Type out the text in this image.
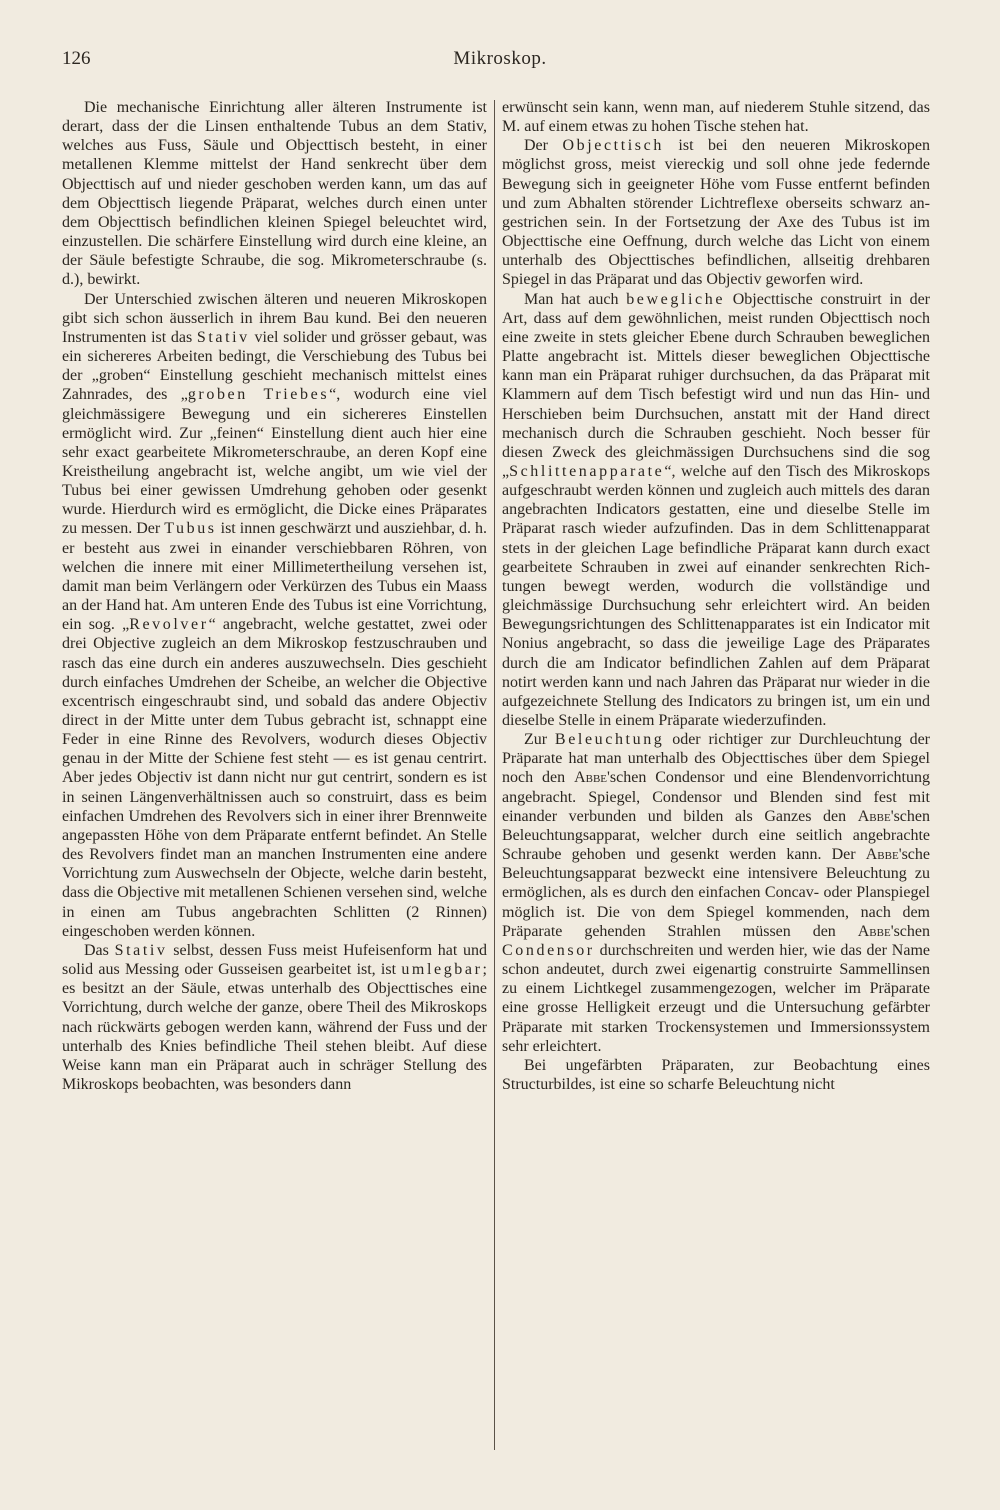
126	Mikroskop.

Die mechanische Einrichtung aller älteren Instrumente ist derart, dass der die Linsen enthaltende Tubus an dem Stativ, welches aus Fuss, Säule und Objecttisch besteht, in einer metallenen Klemme mittelst der Hand senkrecht über dem Objecttisch auf und nieder geschoben werden kann, um das auf dem Objecttisch liegende Präparat, welches durch einen unter dem Objecttisch befindlichen kleinen Spiegel beleuchtet wird, einzustellen. Die schärfere Einstellung wird durch eine kleine, an der Säule befestigte Schraube, die sog. Mikrometerschraube (s. d.), bewirkt.

Der Unterschied zwischen älteren und neueren Mikroskopen gibt sich schon äusserlich in ihrem Bau kund. Bei den neueren Instrumenten ist das Stativ viel solider und grösser gebaut, was ein sichereres Arbeiten bedingt, die Verschiebung des Tubus bei der „groben“ Einstellung geschieht mechanisch mittelst eines Zahnrades, des „groben Triebes“, wodurch eine viel gleichmässigere Bewegung und ein sichereres Einstellen ermöglicht wird. Zur „feinen“ Einstellung dient auch hier eine sehr exact gearbeitete Mikrometerschraube, an deren Kopf eine Kreistheilung angebracht ist, welche angibt, um wie viel der Tubus bei einer gewissen Umdrehung gehoben oder gesenkt wurde. Hierdurch wird es ermöglicht, die Dicke eines Präparates zu messen. Der Tubus ist innen geschwärzt und ausziehbar, d. h. er besteht aus zwei in einander verschiebbaren Röhren, von welchen die innere mit einer Millimetertheilung versehen ist, damit man beim Verlängern oder Verkürzen des Tubus ein Maass an der Hand hat. Am unteren Ende des Tubus ist eine Vorrichtung, ein sog. „Revolver“ angebracht, welche gestattet, zwei oder drei Objective zugleich an dem Mikroskop festzuschrauben und rasch das eine durch ein anderes auszuwechseln. Dies geschieht durch einfaches Umdrehen der Scheibe, an welcher die Objective excentrisch eingeschraubt sind, und sobald das andere Objectiv direct in der Mitte unter dem Tubus gebracht ist, schnappt eine Feder in eine Rinne des Revolvers, wodurch dieses Objectiv genau in der Mitte der Schiene fest steht — es ist genau centrirt. Aber jedes Objectiv ist dann nicht nur gut centrirt, sondern es ist in seinen Längenverhältnissen auch so construirt, dass es beim einfachen Umdrehen des Revolvers sich in einer ihrer Brennweite angepassten Höhe von dem Präparate entfernt befindet. An Stelle des Revolvers findet man an manchen Instrumenten eine andere Vorrichtung zum Auswechseln der Objecte, welche darin besteht, dass die Objective mit metallenen Schienen versehen sind, welche in einen am Tubus angebrachten Schlitten (2 Rinnen) eingeschoben werden können.

Das Stativ selbst, dessen Fuss meist Hufeisenform hat und solid aus Messing oder Gusseisen gearbeitet ist, ist umlegbar; es besitzt an der Säule, etwas unterhalb des Objecttisches eine Vorrichtung, durch welche der ganze, obere Theil des Mikroskops nach rückwärts gebogen werden kann, während der Fuss und der unterhalb des Knies befindliche Theil stehen bleibt. Auf diese Weise kann man ein Präparat auch in schräger Stellung des Mikroskops beobachten, was besonders dann

erwünscht sein kann, wenn man, auf niederem Stuhle sitzend, das M. auf einem etwas zu hohen Tische stehen hat.

Der Objecttisch ist bei den neueren Mikroskopen möglichst gross, meist viereckig und soll ohne jede federnde Bewegung sich in geeigneter Höhe vom Fusse entfernt befinden und zum Abhalten störender Lichtreflexe oberseits schwarz angestrichen sein. In der Fortsetzung der Axe des Tubus ist im Objecttische eine Oeffnung, durch welche das Licht von einem unterhalb des Objecttisches befindlichen, allseitig drehbaren Spiegel in das Präparat und das Objectiv geworfen wird.

Man hat auch bewegliche Objecttische construirt in der Art, dass auf dem gewöhnlichen, meist runden Objecttisch noch eine zweite in stets gleicher Ebene durch Schrauben beweglichen Platte angebracht ist. Mittels dieser beweglichen Objecttische kann man ein Präparat ruhiger durchsuchen, da das Präparat mit Klammern auf dem Tisch befestigt wird und nun das Hin- und Herschieben beim Durchsuchen, anstatt mit der Hand direct mechanisch durch die Schrauben geschieht. Noch besser für diesen Zweck des gleichmässigen Durchsuchens sind die sog „Schlittenapparate“, welche auf den Tisch des Mikroskops aufgeschraubt werden können und zugleich auch mittels des daran angebrachten Indicators gestatten, eine und dieselbe Stelle im Präparat rasch wieder aufzufinden. Das in dem Schlittenapparat stets in der gleichen Lage befindliche Präparat kann durch exact gearbeitete Schrauben in zwei auf einander senkrechten Richtungen bewegt werden, wodurch die vollständige und gleichmässige Durchsuchung sehr erleichtert wird. An beiden Bewegungsrichtungen des Schlittenapparates ist ein Indicator mit Nonius angebracht, so dass die jeweilige Lage des Präparates durch die am Indicator befindlichen Zahlen auf dem Präparat notirt werden kann und nach Jahren das Präparat nur wieder in die aufgezeichnete Stellung des Indicators zu bringen ist, um ein und dieselbe Stelle in einem Präparate wiederzufinden.

Zur Beleuchtung oder richtiger zur Durchleuchtung der Präparate hat man unterhalb des Objecttisches über dem Spiegel noch den Abbe'schen Condensor und eine Blendenvorrichtung angebracht. Spiegel, Condensor und Blenden sind fest mit einander verbunden und bilden als Ganzes den Abbe'schen Beleuchtungsapparat, welcher durch eine seitlich angebrachte Schraube gehoben und gesenkt werden kann. Der Abbe'sche Beleuchtungsapparat bezweckt eine intensivere Beleuchtung zu ermöglichen, als es durch den einfachen Concav- oder Planspiegel möglich ist. Die von dem Spiegel kommenden, nach dem Präparate gehenden Strahlen müssen den Abbe'schen Condensor durchschreiten und werden hier, wie das der Name schon andeutet, durch zwei eigenartig construirte Sammellinsen zu einem Lichtkegel zusammengezogen, welcher im Präparate eine grosse Helligkeit erzeugt und die Untersuchung gefärbter Präparate mit starken Trockensystemen und Immersionssystem sehr erleichtert.

Bei ungefärbten Präparaten, zur Beobachtung eines Structurbildes, ist eine so scharfe Beleuchtung nicht
